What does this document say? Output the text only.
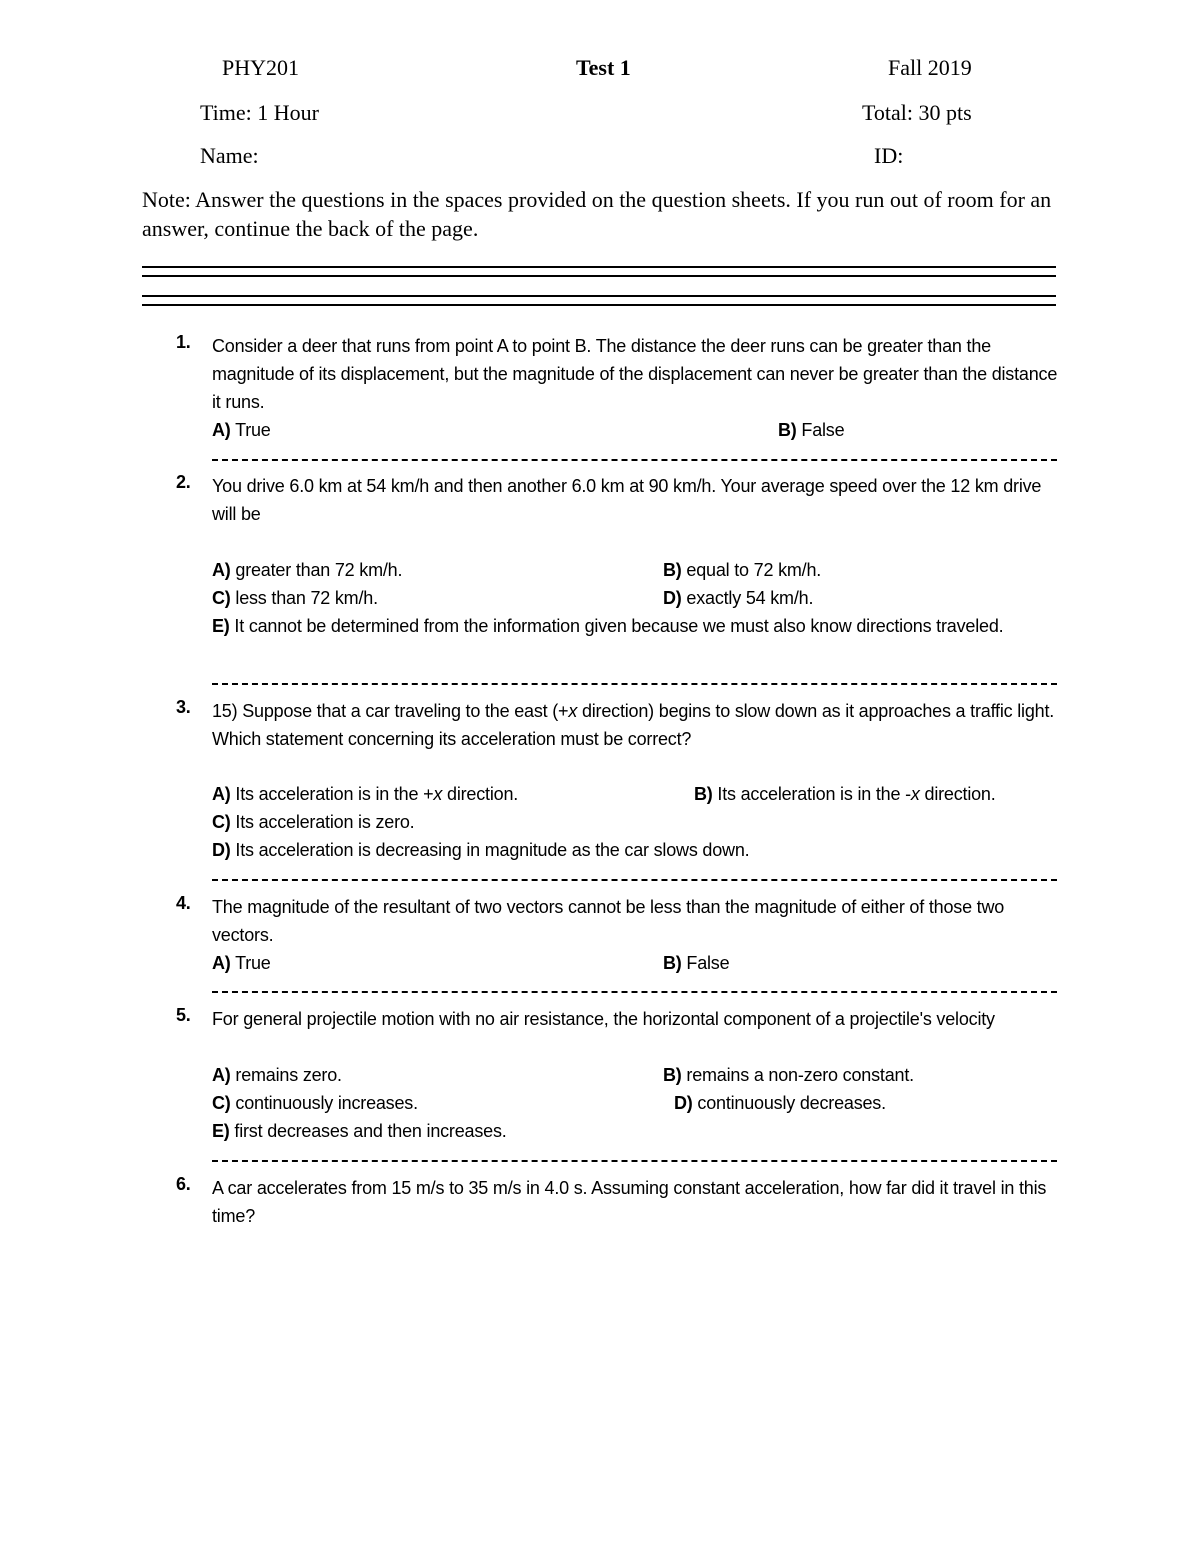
PHY201	Test 1	Fall 2019
Time: 1 Hour	Total: 30 pts
Name:	ID:
Note: Answer the questions in the spaces provided on the question sheets. If you run out of room for an answer, continue the back of the page.
1. Consider a deer that runs from point A to point B. The distance the deer runs can be greater than the magnitude of its displacement, but the magnitude of the displacement can never be greater than the distance it runs.
A) True	B) False
2. You drive 6.0 km at 54 km/h and then another 6.0 km at 90 km/h. Your average speed over the 12 km drive will be
A) greater than 72 km/h.	B) equal to 72 km/h.
C) less than 72 km/h.	D) exactly 54 km/h.
E) It cannot be determined from the information given because we must also know directions traveled.
3. 15) Suppose that a car traveling to the east (+x direction) begins to slow down as it approaches a traffic light. Which statement concerning its acceleration must be correct?
A) Its acceleration is in the +x direction.	B) Its acceleration is in the -x direction.
C) Its acceleration is zero.
D) Its acceleration is decreasing in magnitude as the car slows down.
4. The magnitude of the resultant of two vectors cannot be less than the magnitude of either of those two vectors.
A) True	B) False
5. For general projectile motion with no air resistance, the horizontal component of a projectile's velocity
A) remains zero.	B) remains a non-zero constant.
C) continuously increases.	D) continuously decreases.
E) first decreases and then increases.
6. A car accelerates from 15 m/s to 35 m/s in 4.0 s. Assuming constant acceleration, how far did it travel in this time?
